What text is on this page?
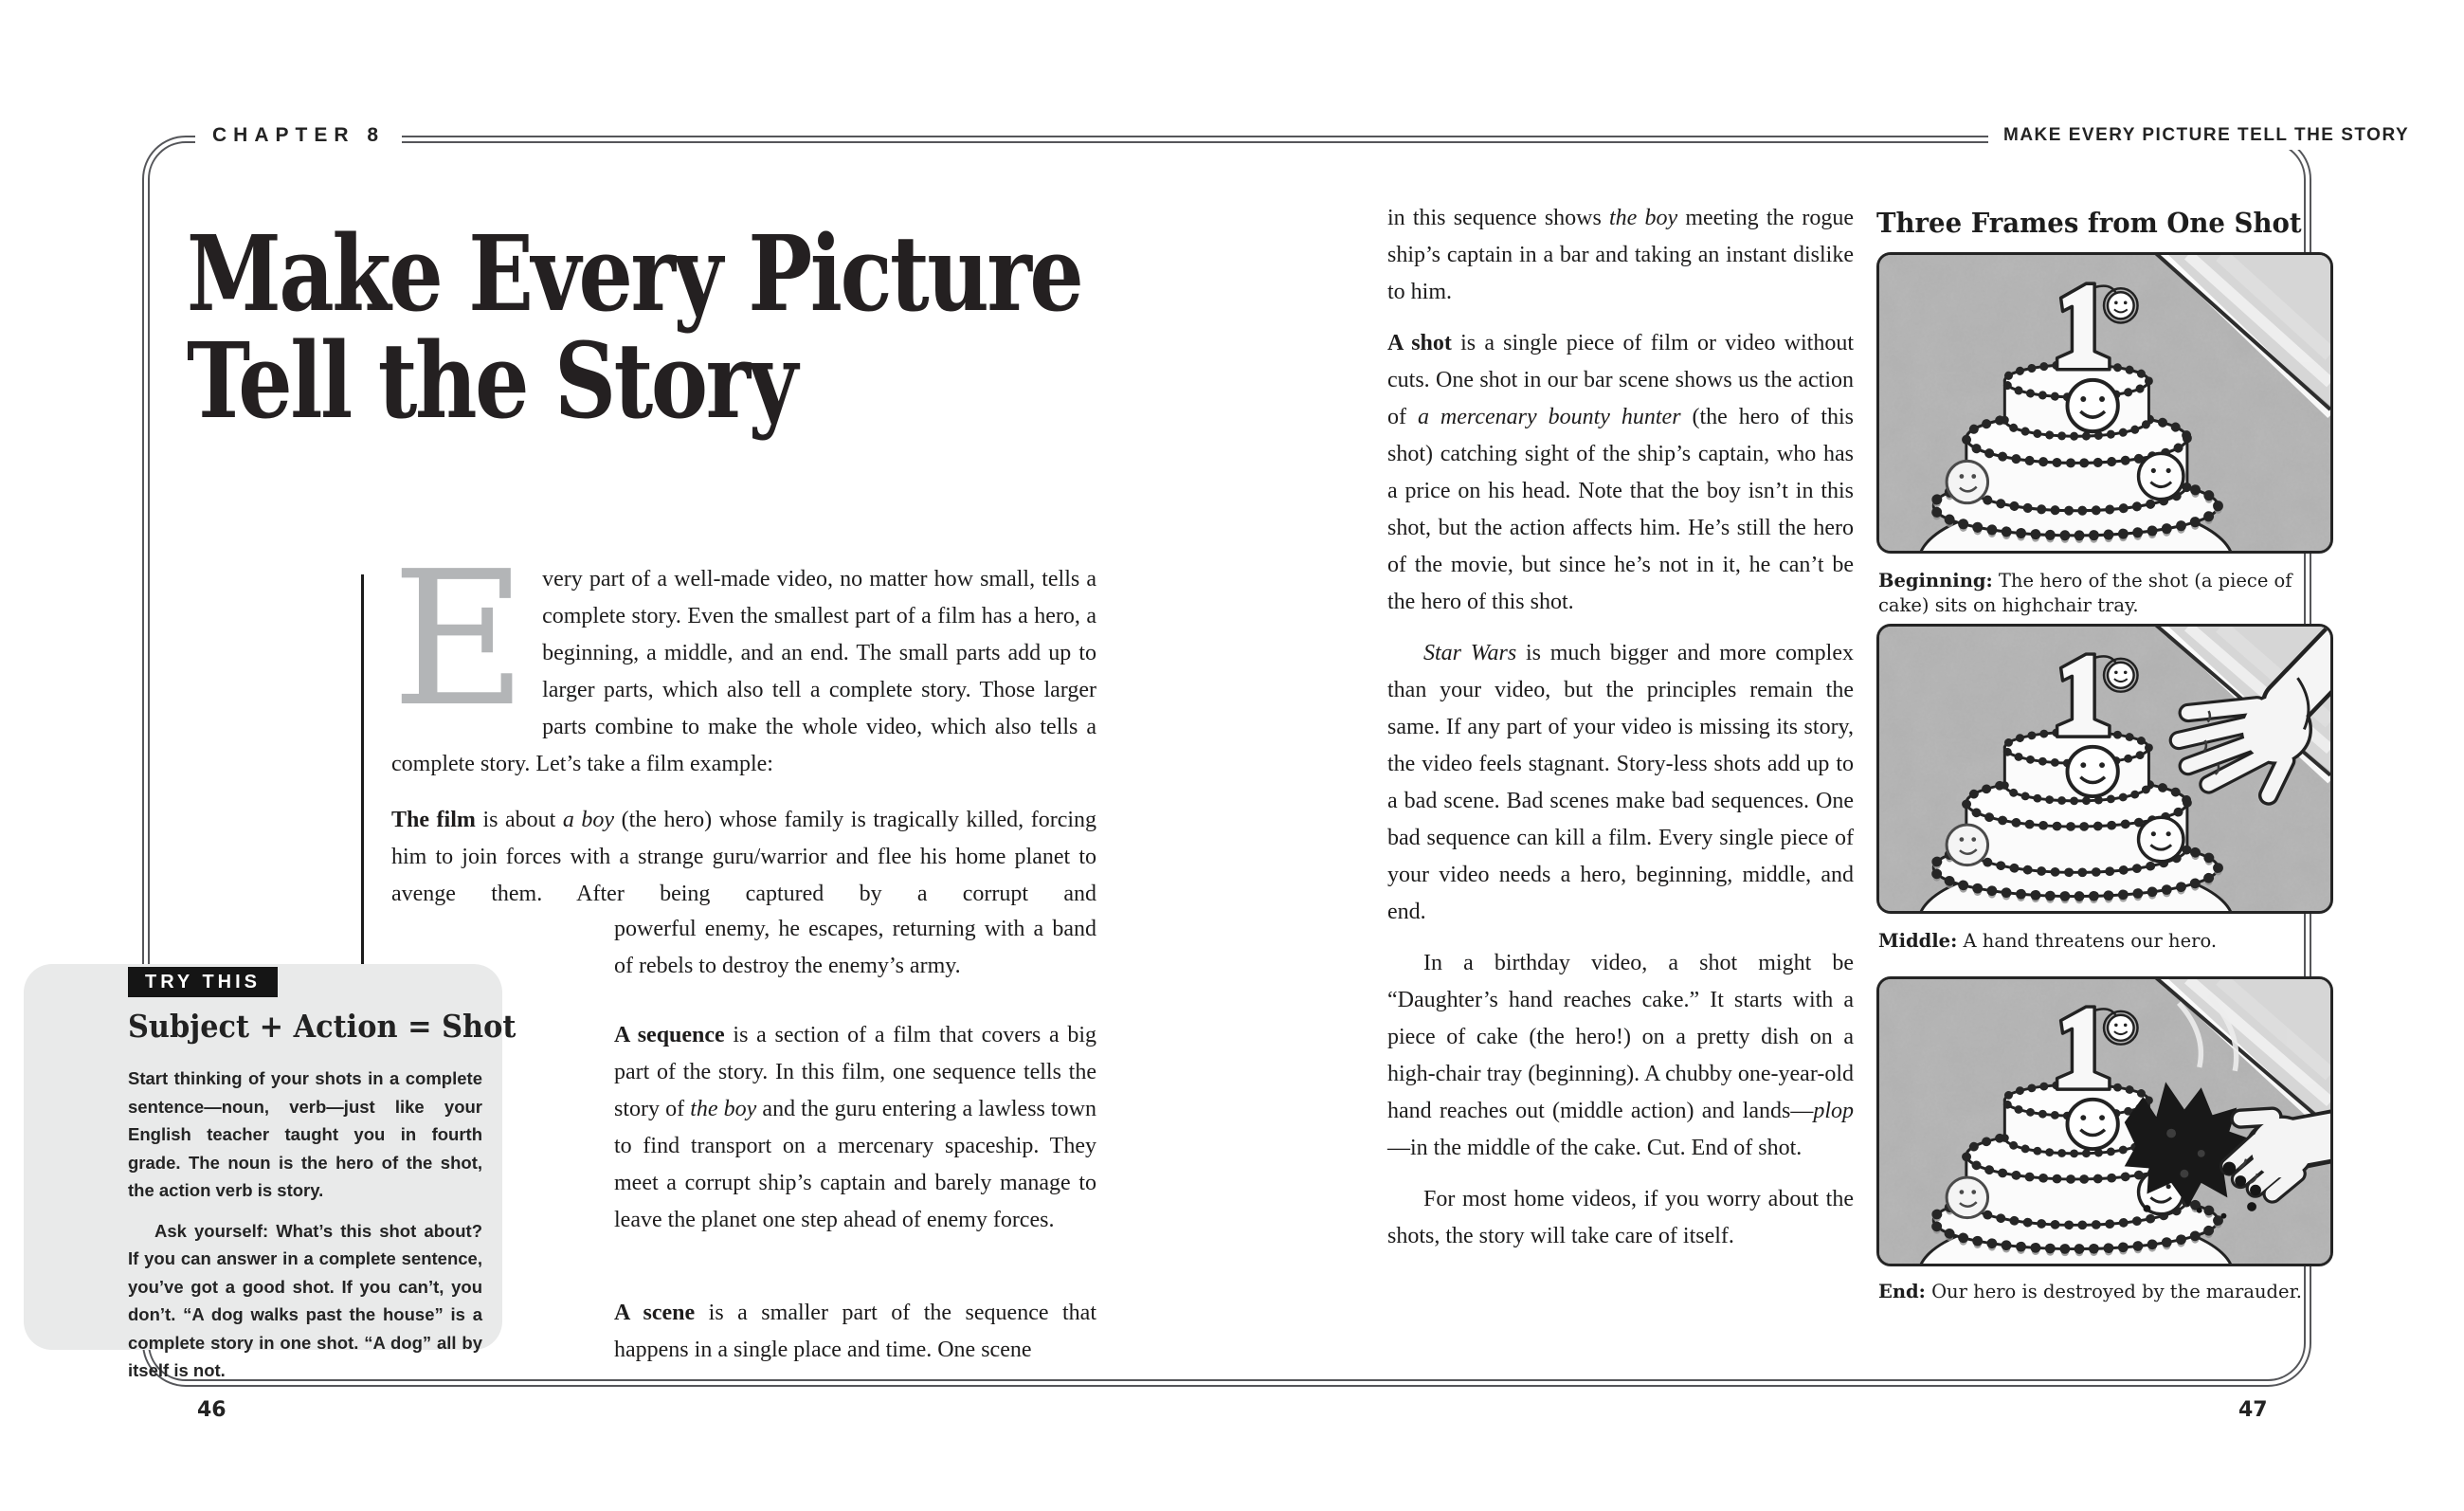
CHAPTER 8	MAKE EVERY PICTURE TELL THE STORY
Make Every Picture
Tell the Story
Every part of a well-made video, no matter how small, tells a complete story. Even the smallest part of a film has a hero, a beginning, a middle, and an end. The small parts add up to larger parts, which also tell a complete story. Those larger parts combine to make the whole video, which also tells a complete story. Let’s take a film example:
The film is about a boy (the hero) whose family is tragically killed, forcing him to join forces with a strange guru/warrior and flee his home planet to avenge them. After being captured by a corrupt and
powerful enemy, he escapes, returning with a band of rebels to destroy the enemy’s army.
A sequence is a section of a film that covers a big part of the story. In this film, one sequence tells the story of the boy and the guru entering a lawless town to find transport on a mercenary spaceship. They meet a corrupt ship’s captain and barely manage to leave the planet one step ahead of enemy forces.
A scene is a smaller part of the sequence that happens in a single place and time. One scene
TRY THIS
Subject + Action = Shot

Start thinking of your shots in a complete sentence—noun, verb—just like your English teacher taught you in fourth grade. The noun is the hero of the shot, the action verb is story.

Ask yourself: What’s this shot about? If you can answer in a complete sentence, you’ve got a good shot. If you can’t, you don’t. “A dog walks past the house” is a complete story in one shot. “A dog” all by itself is not.

46

in this sequence shows the boy meeting the rogue ship’s captain in a bar and taking an instant dislike to him.

A shot is a single piece of film or video without cuts. One shot in our bar scene shows us the action of a mercenary bounty hunter (the hero of this shot) catching sight of the ship’s captain, who has a price on his head. Note that the boy isn’t in this shot, but the action affects him. He’s still the hero of the movie, but since he’s not in it, he can’t be the hero of this shot.

Star Wars is much bigger and more complex than your video, but the principles remain the same. If any part of your video is missing its story, the video feels stagnant. Story-less shots add up to a bad scene. Bad scenes make bad sequences. One bad sequence can kill a film. Every single piece of your video needs a hero, beginning, middle, and end.

In a birthday video, a shot might be “Daughter’s hand reaches cake.” It starts with a piece of cake (the hero!) on a pretty dish on a high-chair tray (beginning). A chubby one-year-old hand reaches out (middle action) and lands—plop—in the middle of the cake. Cut. End of shot.

For most home videos, if you worry about the shots, the story will take care of itself.

Three Frames from One Shot
Beginning: The hero of the shot (a piece of cake) sits on highchair tray.
Middle: A hand threatens our hero.
End: Our hero is destroyed by the marauder.
47
